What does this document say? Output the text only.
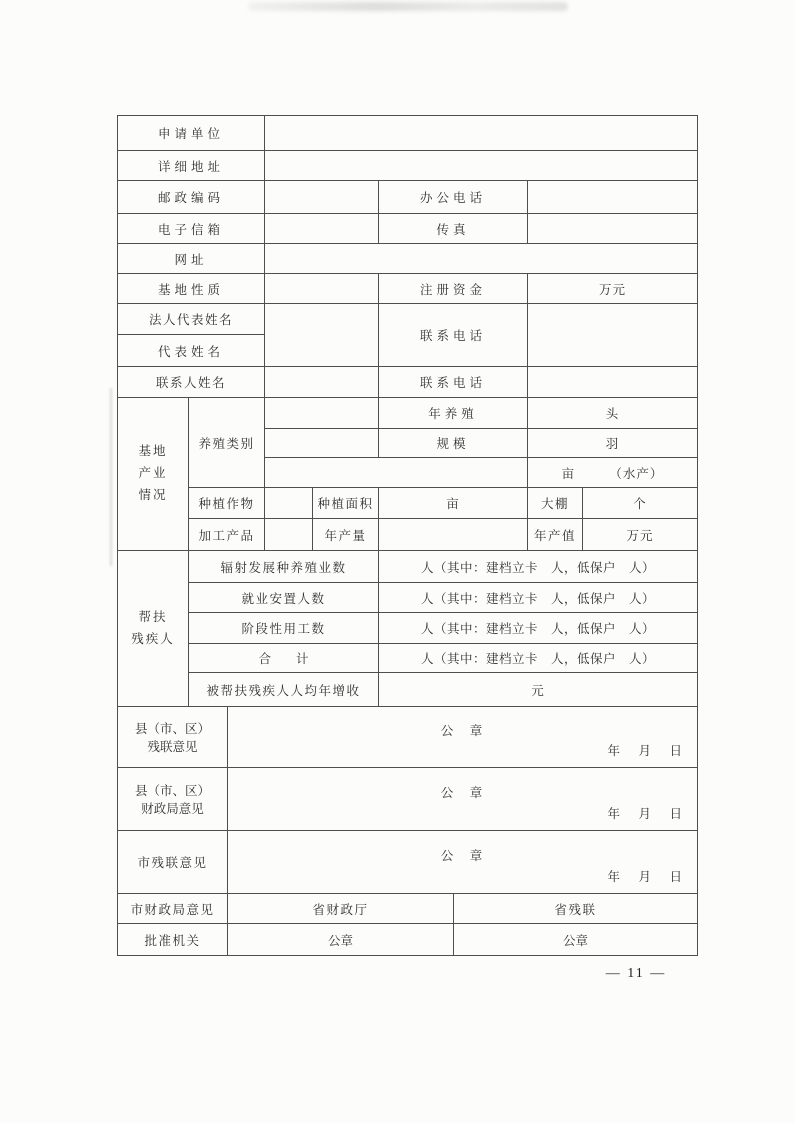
申请单位								
详细地址								
邮政编码					办公电话			
电子信箱					传真			
网址								
基地性质					注册资金		万元	
法人代表姓名					联系电话			
代表姓名								
联系人姓名					联系电话			

基地
产业
情况	养殖类别				年养殖		头	
					规模		羽	
							亩　　　（水产）	
	种植作物			种植面积	亩		大棚	个
	加工产品			年产量			年产值	万元

帮扶
残疾人	辐射发展种养殖业数				人（其中：建档立卡　人，低保户　人）			
	就业安置人数				人（其中：建档立卡　人，低保户　人）			
	阶段性用工数				人（其中：建档立卡　人，低保户　人）			
	合　　计				人（其中：建档立卡　人，低保户　人）			
	被帮扶残疾人人均年增收				元			

县（市、区）
残联意见

公　章
年　月　日

县（市、区）
财政局意见

公　章
年　月　日

市残联意见		公　章
年　月　日						

市财政局意见		省财政厅				省残联		
批准机关		公章				公章		
— 11 —
